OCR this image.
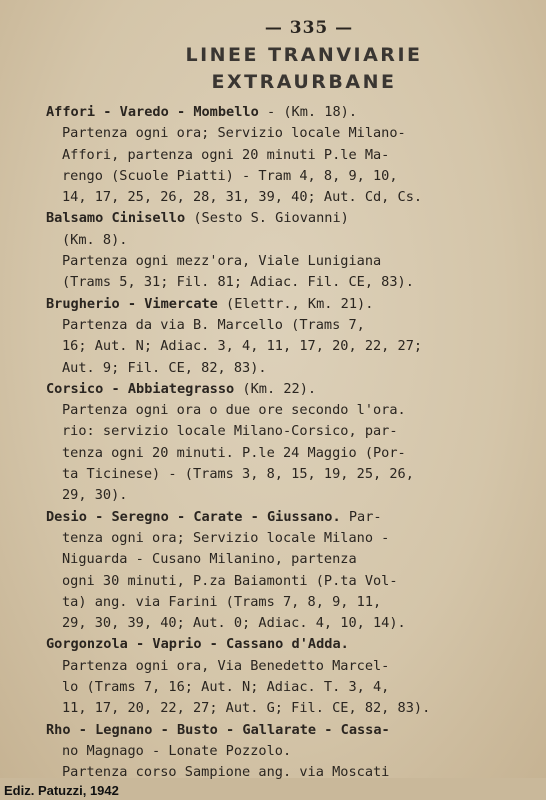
— 335 —
LINEE TRANVIARIE
EXTRAURBANE
Affori - Varedo - Mombello - (Km. 18).
Partenza ogni ora; Servizio locale Milano-
Affori, partenza ogni 20 minuti P.le Ma-
rengo (Scuole Piatti) - Tram 4, 8, 9, 10,
14, 17, 25, 26, 28, 31, 39, 40; Aut. Cd, Cs.
Balsamo Cinisello (Sesto S. Giovanni)
(Km. 8).
Partenza ogni mezz'ora, Viale Lunigiana
(Trams 5, 31; Fil. 81; Adiac. Fil. CE, 83).
Brugherio - Vimercate (Elettr., Km. 21).
Partenza da via B. Marcello (Trams 7,
16; Aut. N; Adiac. 3, 4, 11, 17, 20, 22, 27;
Aut. 9; Fil. CE, 82, 83).
Corsico - Abbiategrasso (Km. 22).
Partenza ogni ora o due ore secondo l'ora.
rio: servizio locale Milano-Corsico, par-
tenza ogni 20 minuti. P.le 24 Maggio (Por-
ta Ticinese) - (Trams 3, 8, 15, 19, 25, 26,
29, 30).
Desio - Seregno - Carate - Giussano. Par-
tenza ogni ora; Servizio locale Milano -
Niguarda - Cusano Milanino, partenza
ogni 30 minuti, P.za Baiamonti (P.ta Vol-
ta) ang. via Farini (Trams 7, 8, 9, 11,
29, 30, 39, 40; Aut. 0; Adiac. 4, 10, 14).
Gorgonzola - Vaprio - Cassano d'Adda.
Partenza ogni ora, Via Benedetto Marcel-
lo (Trams 7, 16; Aut. N; Adiac. T. 3, 4,
11, 17, 20, 22, 27; Aut. G; Fil. CE, 82, 83).
Rho - Legnano - Busto - Gallarate - Cassa-
no Magnago - Lonate Pozzolo.
Partenza corso Sampione ang. via Moscati
Ediz. Patuzzi, 1942
